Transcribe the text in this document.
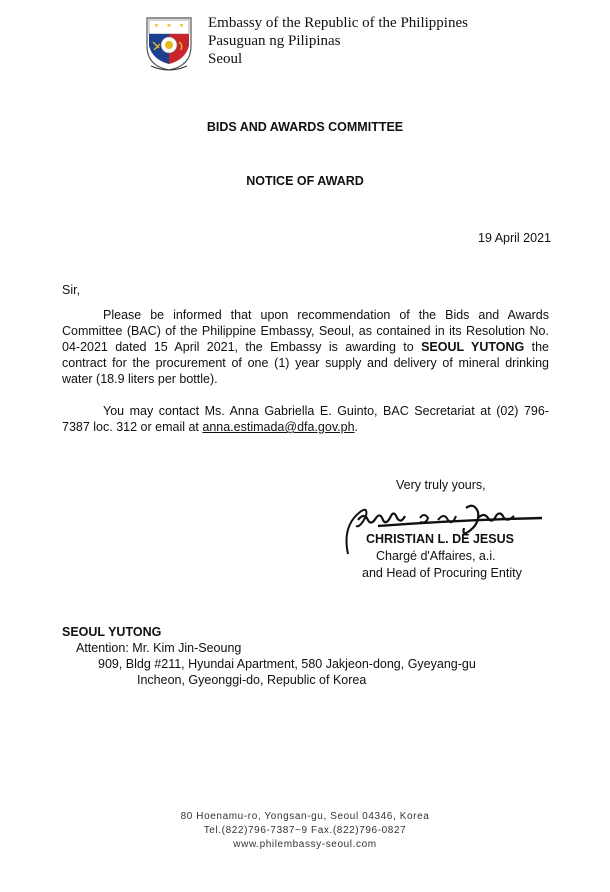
Embassy of the Republic of the Philippines
Pasuguan ng Pilipinas
Seoul
BIDS AND AWARDS COMMITTEE
NOTICE OF AWARD
19 April 2021
Sir,
Please be informed that upon recommendation of the Bids and Awards Committee (BAC) of the Philippine Embassy, Seoul, as contained in its Resolution No. 04-2021 dated 15 April 2021, the Embassy is awarding to SEOUL YUTONG the contract for the procurement of one (1) year supply and delivery of mineral drinking water (18.9 liters per bottle).
You may contact Ms. Anna Gabriella E. Guinto, BAC Secretariat at (02) 796-7387 loc. 312 or email at anna.estimada@dfa.gov.ph.
Very truly yours,
CHRISTIAN L. DE JESUS
Chargé d'Affaires, a.i.
and Head of Procuring Entity
SEOUL YUTONG
Attention: Mr. Kim Jin-Seoung
909, Bldg #211, Hyundai Apartment, 580 Jakjeon-dong, Gyeyang-gu
Incheon, Gyeonggi-do, Republic of Korea
80 Hoenamu-ro, Yongsan-gu, Seoul 04346, Korea
Tel.(822)796-7387~9 Fax.(822)796-0827
www.philembassy-seoul.com
